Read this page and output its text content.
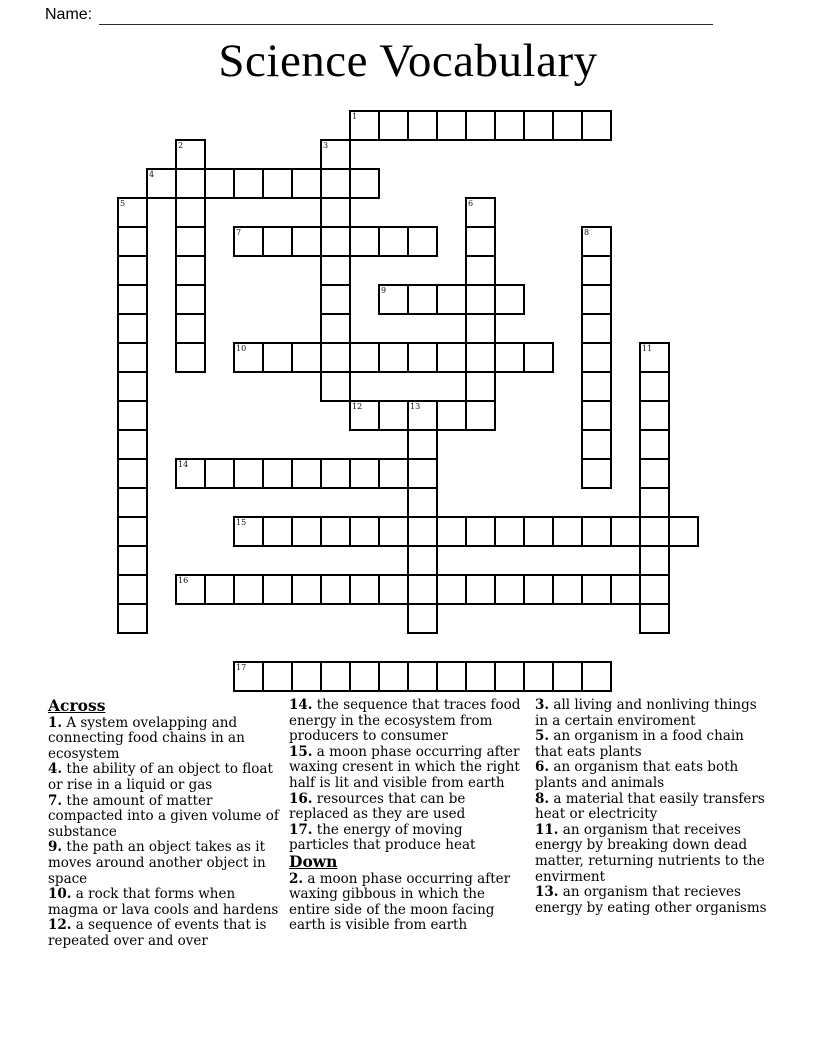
Name:
Science Vocabulary
1
4
7
9
10
12	13
14
15
16
17
2	3
5	6
8
11
Across

1. A system ovelapping and connecting food chains in an ecosystem

4. the ability of an object to float or rise in a liquid or gas

7. the amount of matter compacted into a given volume of substance

9. the path an object takes as it moves around another object in space

10. a rock that forms when magma or lava cools and hardens

12. a sequence of events that is repeated over and over

14. the sequence that traces food energy in the ecosystem from producers to consumer

15. a moon phase occurring after waxing cresent in which the right half is lit and visible from earth

16. resources that can be replaced as they are used

17. the energy of moving particles that produce heat

Down

2. a moon phase occurring after waxing gibbous in which the entire side of the moon facing earth is visible from earth

3. all living and nonliving things in a certain enviroment

5. an organism in a food chain that eats plants

6. an organism that eats both plants and animals

8. a material that easily transfers heat or electricity

11. an organism that receives energy by breaking down dead matter, returning nutrients to the envirment

13. an organism that recieves energy by eating other organisms
